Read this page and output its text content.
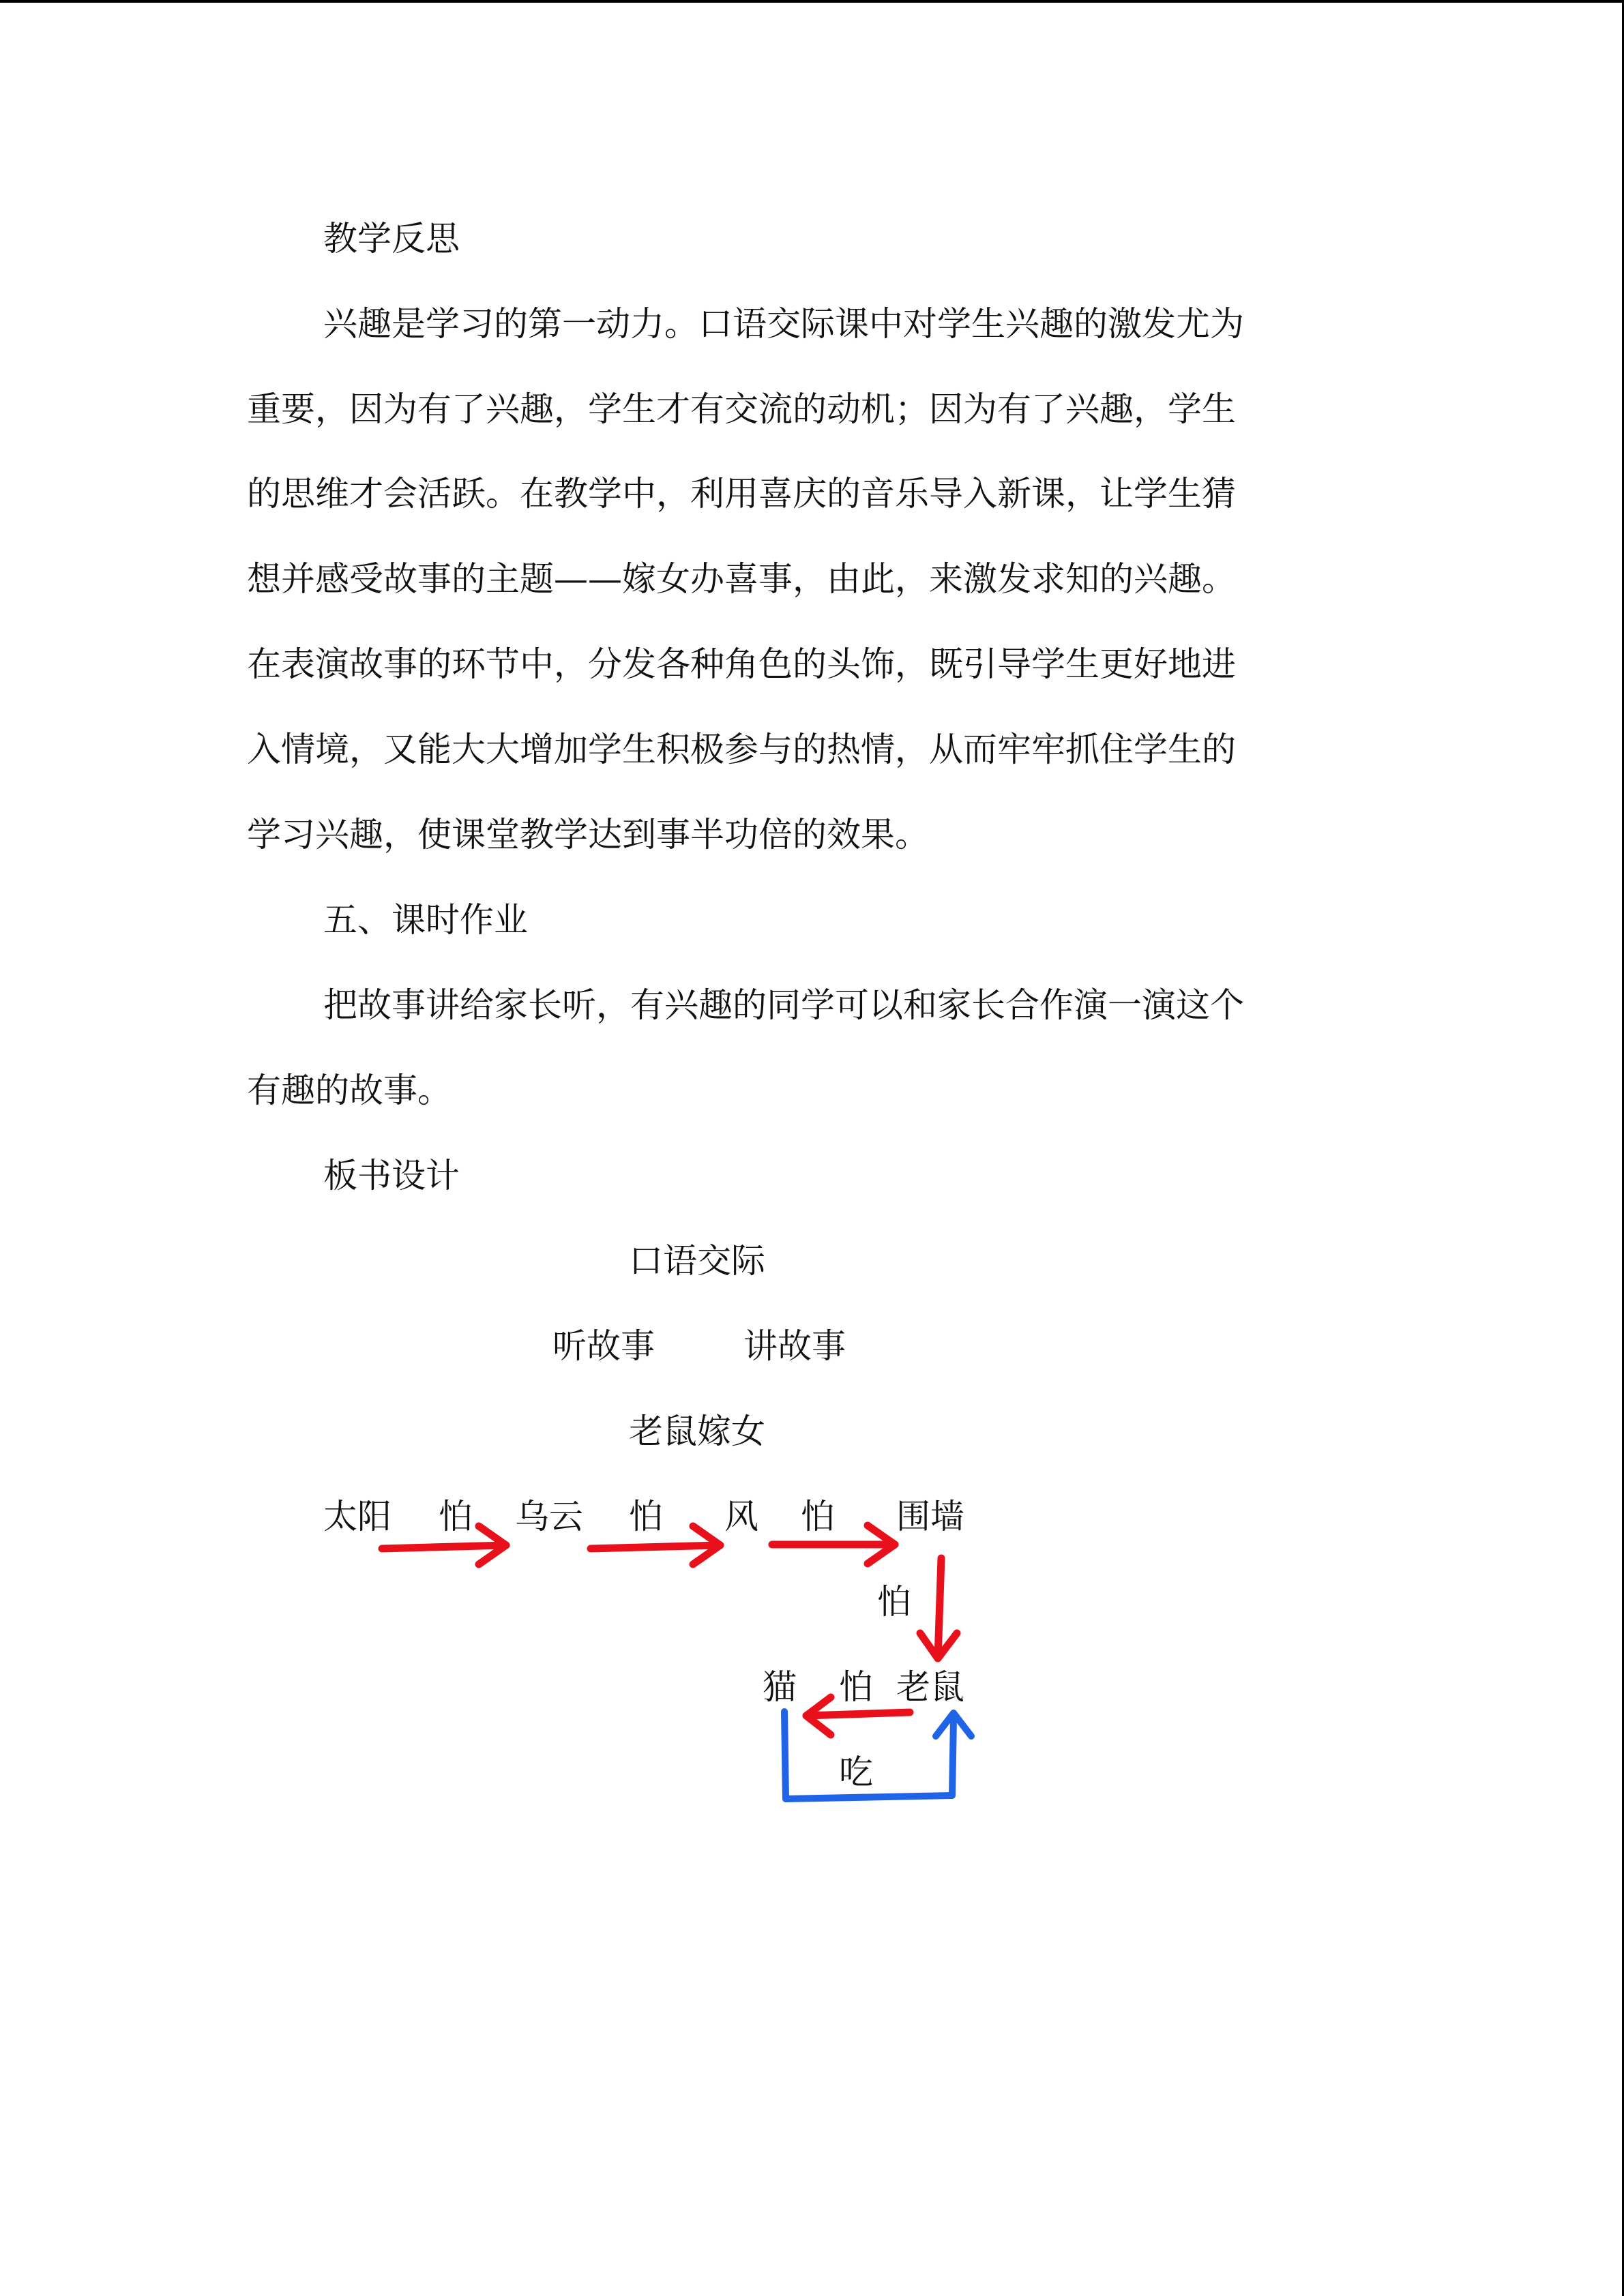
教学反思
兴趣是学习的第一动力。口语交际课中对学生兴趣的激发尤为
重要，因为有了兴趣，学生才有交流的动机；因为有了兴趣，学生
的思维才会活跃。在教学中，利用喜庆的音乐导入新课，让学生猜
想并感受故事的主题——嫁女办喜事，由此，来激发求知的兴趣。
在表演故事的环节中，分发各种角色的头饰，既引导学生更好地进
入情境，又能大大增加学生积极参与的热情，从而牢牢抓住学生的
学习兴趣，使课堂教学达到事半功倍的效果。
五、课时作业
把故事讲给家长听，有兴趣的同学可以和家长合作演一演这个
有趣的故事。
板书设计
口语交际
听故事	讲故事
老鼠嫁女
太阳 怕 乌云 怕 风 怕 围墙
怕
猫 怕 老鼠
吃
